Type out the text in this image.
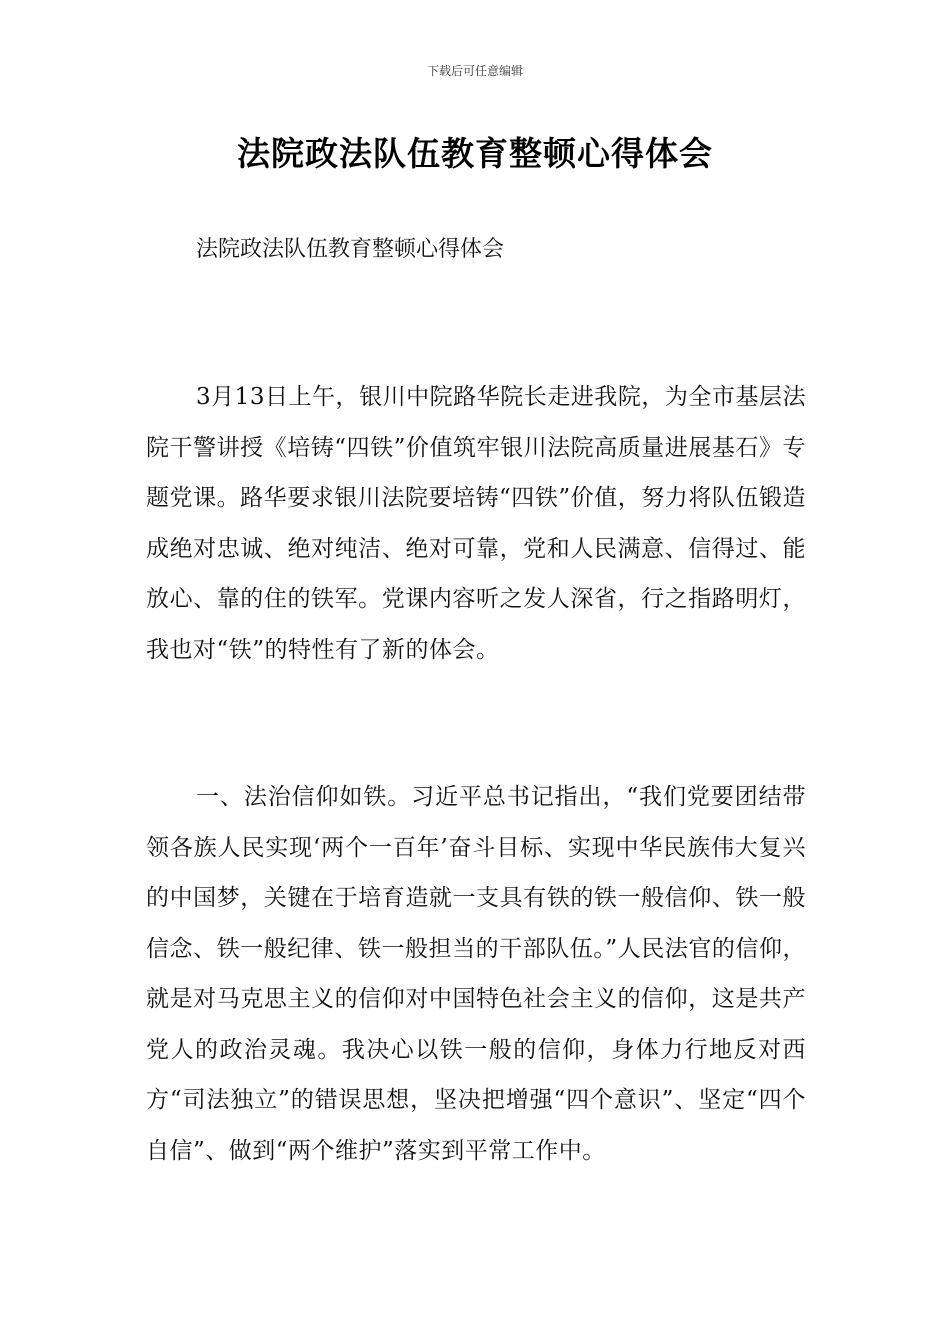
下载后可任意编辑
法院政法队伍教育整顿心得体会

法院政法队伍教育整顿心得体会

3月13日上午，银川中院路华院长走进我院，为全市基层法院干警讲授《培铸“四铁”价值筑牢银川法院高质量进展基石》专题党课。路华要求银川法院要培铸“四铁”价值，努力将队伍锻造成绝对忠诚、绝对纯洁、绝对可靠，党和人民满意、信得过、能放心、靠的住的铁军。党课内容听之发人深省，行之指路明灯，我也对“铁”的特性有了新的体会。

一、法治信仰如铁。习近平总书记指出，“我们党要团结带领各族人民实现‘两个一百年’奋斗目标、实现中华民族伟大复兴的中国梦，关键在于培育造就一支具有铁的铁一般信仰、铁一般信念、铁一般纪律、铁一般担当的干部队伍。”人民法官的信仰，就是对马克思主义的信仰对中国特色社会主义的信仰，这是共产党人的政治灵魂。我决心以铁一般的信仰，身体力行地反对西方“司法独立”的错误思想，坚决把增强“四个意识”、坚定“四个自信”、做到“两个维护”落实到平常工作中。
